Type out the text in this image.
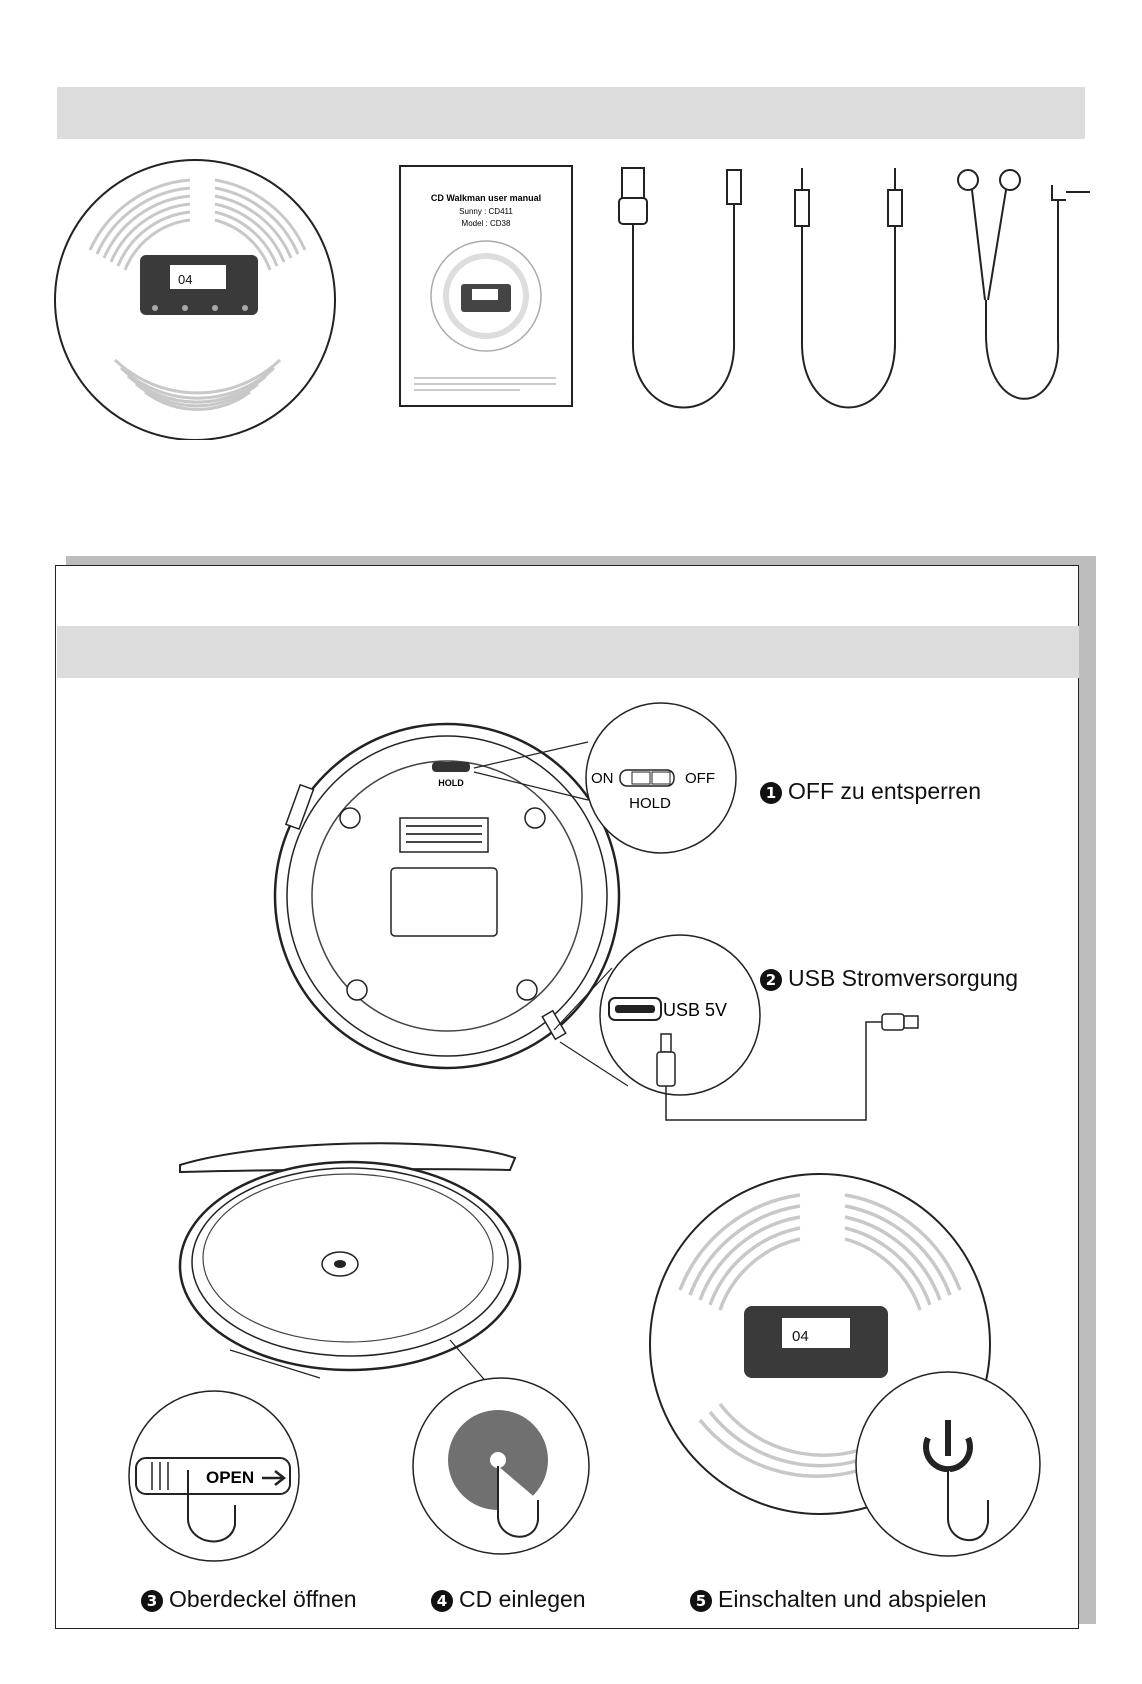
04
CD Walkman user manual
Sunny : CD411
Model : CD38
HOLD	ON	OFF
HOLD
USB 5V
OPEN
04
1 OFF zu entsperren
2 USB Stromversorgung
3 Oberdeckel öffnen	4 CD einlegen	5 Einschalten und abspielen
